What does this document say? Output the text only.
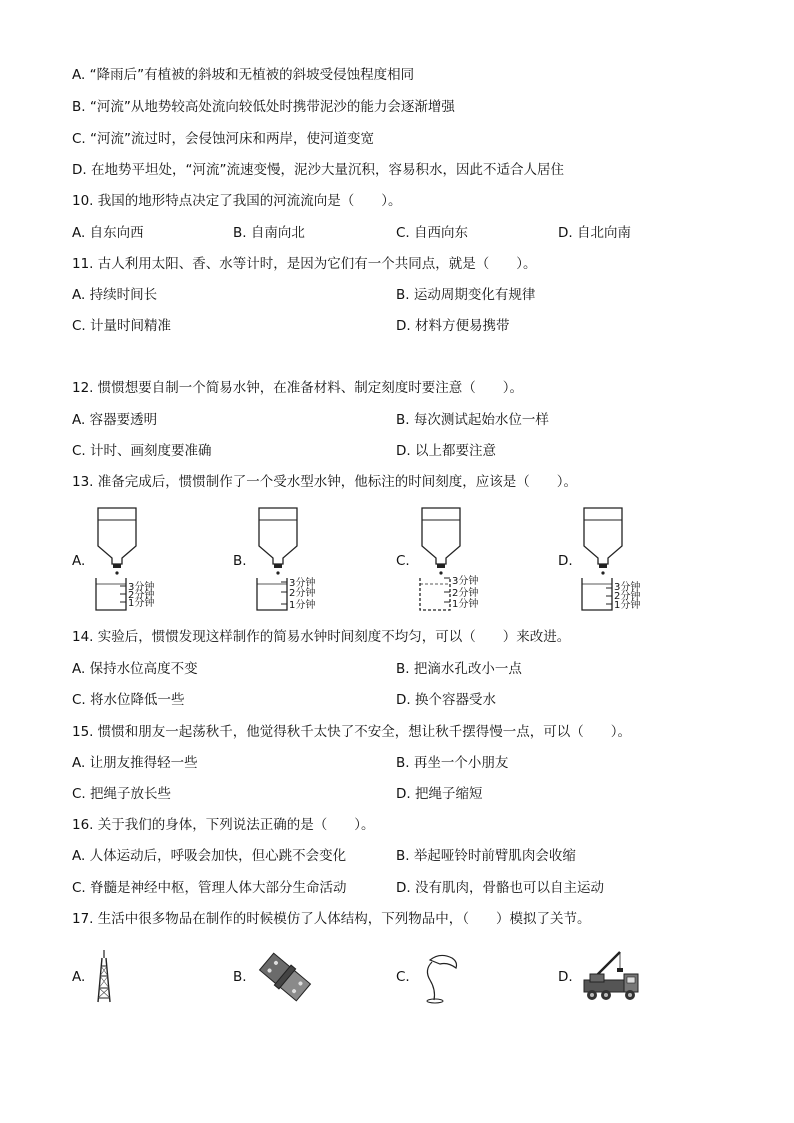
A. “降雨后”有植被的斜坡和无植被的斜坡受侵蚀程度相同
B. “河流”从地势较高处流向较低处时携带泥沙的能力会逐渐增强
C. “河流”流过时，会侵蚀河床和两岸，使河道变宽
D. 在地势平坦处，“河流”流速变慢，泥沙大量沉积，容易积水，因此不适合人居住
10. 我国的地形特点决定了我国的河流流向是（　　）。
A. 自东向西	B. 自南向北	C. 自西向东	D. 自北向南
11. 古人利用太阳、香、水等计时，是因为它们有一个共同点，就是（　　）。
A. 持续时间长	B. 运动周期变化有规律
C. 计量时间精准	D. 材料方便易携带
12. 惯惯想要自制一个简易水钟，在准备材料、制定刻度时要注意（　　）。
A. 容器要透明	B. 每次测试起始水位一样
C. 计时、画刻度要准确	D. 以上都要注意
13. 准备完成后，惯惯制作了一个受水型水钟，他标注的时间刻度，应该是（　　）。
A.	B.	C.	D.
3分钟
2分钟
1分钟
3分钟
2分钟
1分钟
3分钟
2分钟
1分钟
3分钟
2分钟
1分钟
14. 实验后，惯惯发现这样制作的简易水钟时间刻度不均匀，可以（　　）来改进。
A. 保持水位高度不变	B. 把滴水孔改小一点
C. 将水位降低一些	D. 换个容器受水
15. 惯惯和朋友一起荡秋千，他觉得秋千太快了不安全，想让秋千摆得慢一点，可以（　　）。
A. 让朋友推得轻一些	B. 再坐一个小朋友
C. 把绳子放长些	D. 把绳子缩短
16. 关于我们的身体，下列说法正确的是（　　）。
A. 人体运动后，呼吸会加快，但心跳不会变化	B. 举起哑铃时前臂肌肉会收缩
C. 脊髓是神经中枢，管理人体大部分生命活动	D. 没有肌肉，骨骼也可以自主运动
17. 生活中很多物品在制作的时候模仿了人体结构，下列物品中，（　　）模拟了关节。
A.	B.	C.	D.
